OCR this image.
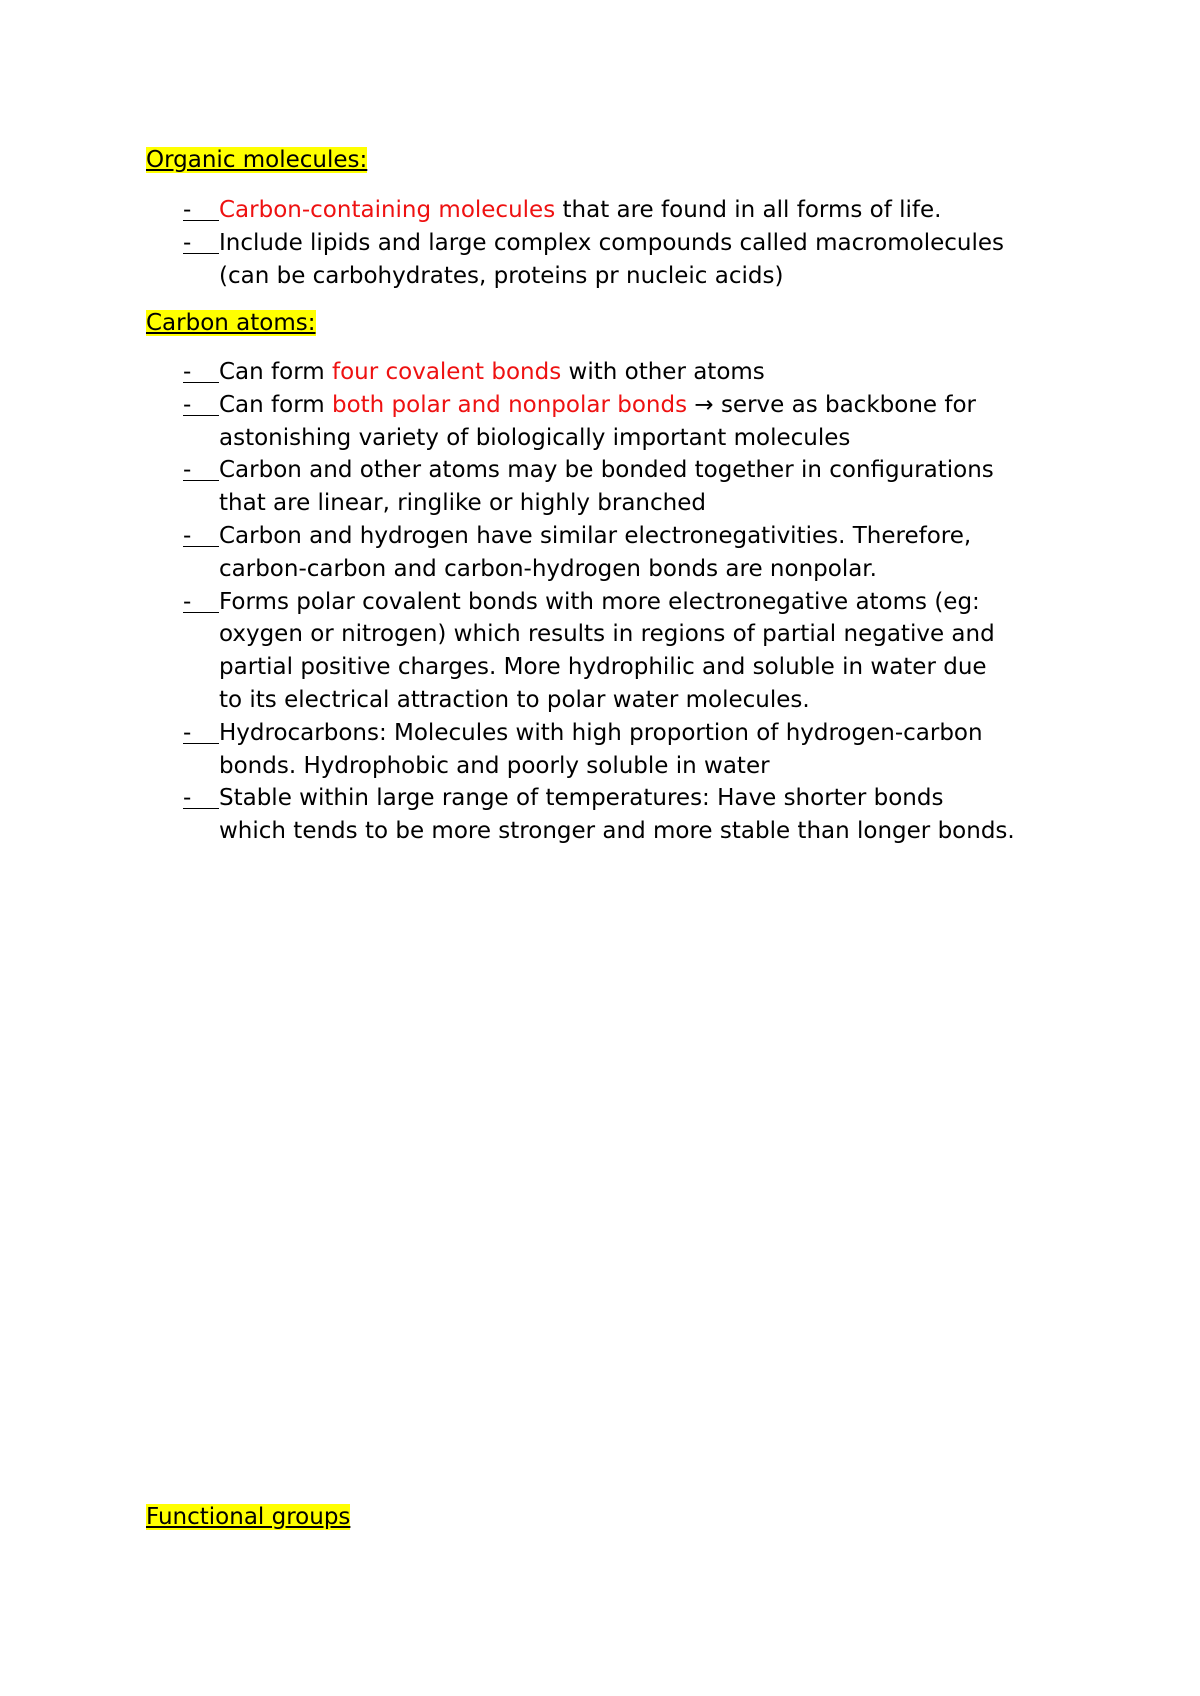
Organic molecules:
- Carbon-containing molecules that are found in all forms of life.
- Include lipids and large complex compounds called macromolecules
(can be carbohydrates, proteins pr nucleic acids)
Carbon atoms:
- Can form four covalent bonds with other atoms
- Can form both polar and nonpolar bonds → serve as backbone for
astonishing variety of biologically important molecules
- Carbon and other atoms may be bonded together in configurations
that are linear, ringlike or highly branched
- Carbon and hydrogen have similar electronegativities. Therefore,
carbon-carbon and carbon-hydrogen bonds are nonpolar.
- Forms polar covalent bonds with more electronegative atoms (eg:
oxygen or nitrogen) which results in regions of partial negative and
partial positive charges. More hydrophilic and soluble in water due
to its electrical attraction to polar water molecules.
- Hydrocarbons: Molecules with high proportion of hydrogen-carbon
bonds. Hydrophobic and poorly soluble in water
- Stable within large range of temperatures: Have shorter bonds
which tends to be more stronger and more stable than longer bonds.
Functional groups
